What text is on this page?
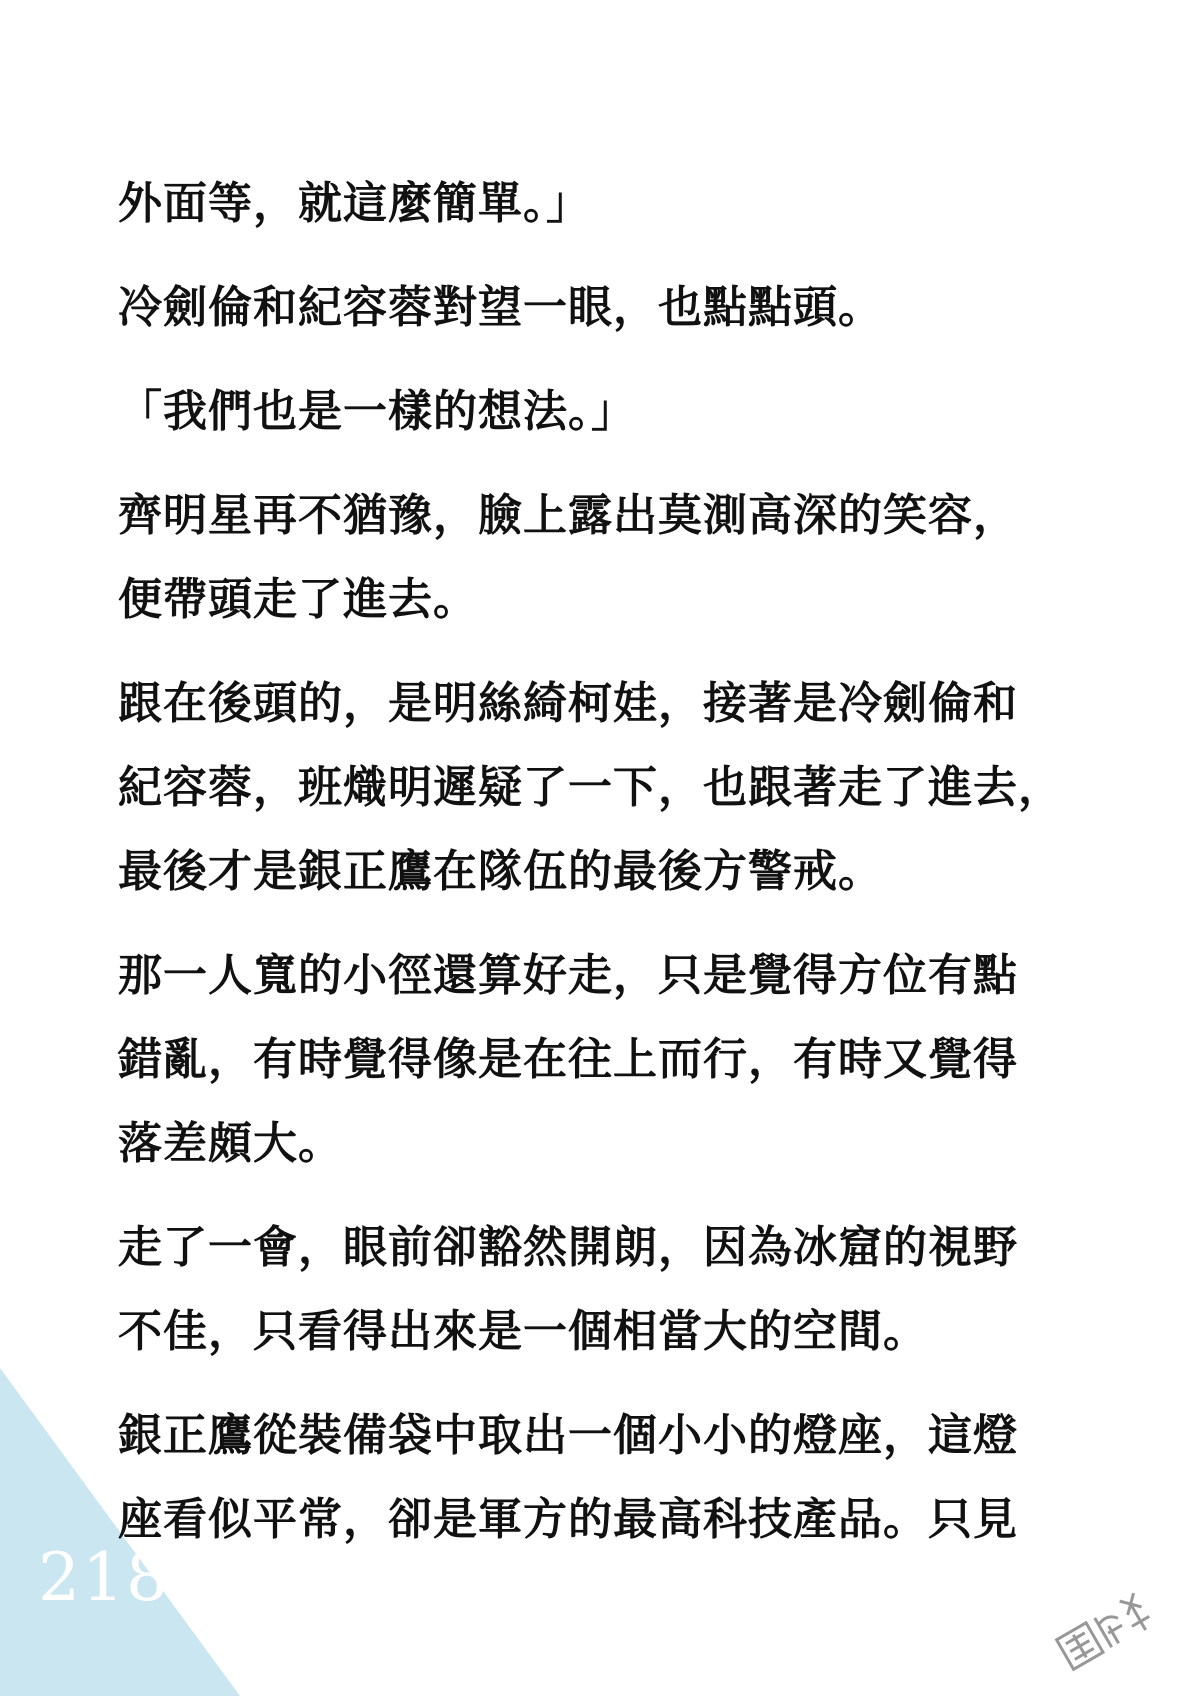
外面等，就這麼簡單。」
冷劍倫和紀容蓉對望一眼，也點點頭。
「我們也是一樣的想法。」
齊明星再不猶豫，臉上露出莫測高深的笑容，
便帶頭走了進去。
跟在後頭的，是明絲綺柯娃，接著是冷劍倫和
紀容蓉，班熾明遲疑了一下，也跟著走了進去，
最後才是銀正鷹在隊伍的最後方警戒。
那一人寬的小徑還算好走，只是覺得方位有點
錯亂，有時覺得像是在往上而行，有時又覺得
落差頗大。
走了一會，眼前卻豁然開朗，因為冰窟的視野
不佳，只看得出來是一個相當大的空間。
銀正鷹從裝備袋中取出一個小小的燈座，這燈
座看似平常，卻是軍方的最高科技產品。只見
218
